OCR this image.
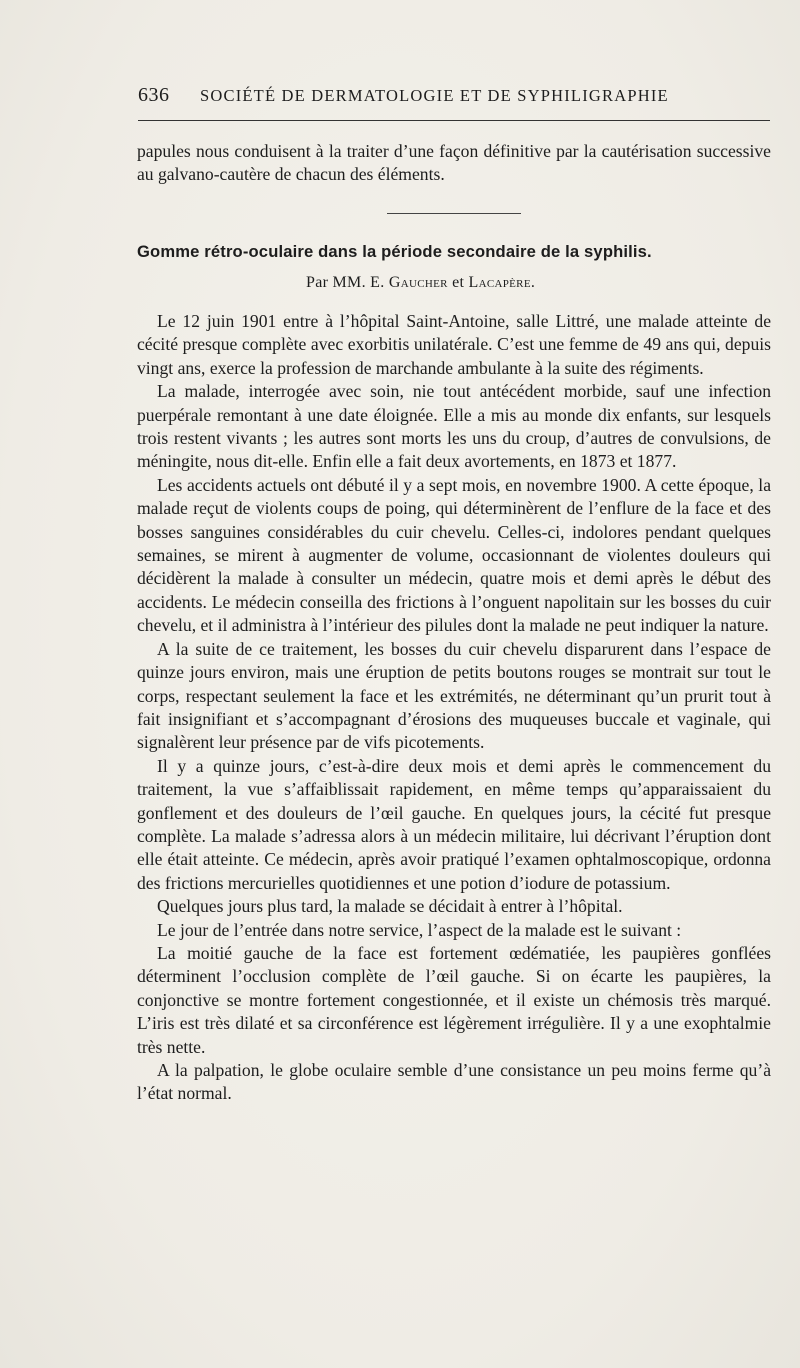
636 SOCIÉTÉ DE DERMATOLOGIE ET DE SYPHILIGRAPHIE

papules nous conduisent à la traiter d’une façon définitive par la cautérisation successive au galvano-cautère de chacun des éléments.

Gomme rétro-oculaire dans la période secondaire de la syphilis.
Par MM. E. Gaucher et Lacapère.

Le 12 juin 1901 entre à l’hôpital Saint-Antoine, salle Littré, une malade atteinte de cécité presque complète avec exorbitis unilatérale. C’est une femme de 49 ans qui, depuis vingt ans, exerce la profession de marchande ambulante à la suite des régiments.

La malade, interrogée avec soin, nie tout antécédent morbide, sauf une infection puerpérale remontant à une date éloignée. Elle a mis au monde dix enfants, sur lesquels trois restent vivants ; les autres sont morts les uns du croup, d’autres de convulsions, de méningite, nous dit-elle. Enfin elle a fait deux avortements, en 1873 et 1877.

Les accidents actuels ont débuté il y a sept mois, en novembre 1900. A cette époque, la malade reçut de violents coups de poing, qui déterminèrent de l’enflure de la face et des bosses sanguines considérables du cuir chevelu. Celles-ci, indolores pendant quelques semaines, se mirent à augmenter de volume, occasionnant de violentes douleurs qui décidèrent la malade à consulter un médecin, quatre mois et demi après le début des accidents. Le médecin conseilla des frictions à l’onguent napolitain sur les bosses du cuir chevelu, et il administra à l’intérieur des pilules dont la malade ne peut indiquer la nature.

A la suite de ce traitement, les bosses du cuir chevelu disparurent dans l’espace de quinze jours environ, mais une éruption de petits boutons rouges se montrait sur tout le corps, respectant seulement la face et les extrémités, ne déterminant qu’un prurit tout à fait insignifiant et s’accompagnant d’érosions des muqueuses buccale et vaginale, qui signalèrent leur présence par de vifs picotements.

Il y a quinze jours, c’est-à-dire deux mois et demi après le commencement du traitement, la vue s’affaiblissait rapidement, en même temps qu’apparaissaient du gonflement et des douleurs de l’œil gauche. En quelques jours, la cécité fut presque complète. La malade s’adressa alors à un médecin militaire, lui décrivant l’éruption dont elle était atteinte. Ce médecin, après avoir pratiqué l’examen ophtalmoscopique, ordonna des frictions mercurielles quotidiennes et une potion d’iodure de potassium.

Quelques jours plus tard, la malade se décidait à entrer à l’hôpital.

Le jour de l’entrée dans notre service, l’aspect de la malade est le suivant :

La moitié gauche de la face est fortement œdématiée, les paupières gonflées déterminent l’occlusion complète de l’œil gauche. Si on écarte les paupières, la conjonctive se montre fortement congestionnée, et il existe un chémosis très marqué. L’iris est très dilaté et sa circonférence est légèrement irrégulière. Il y a une exophtalmie très nette.

A la palpation, le globe oculaire semble d’une consistance un peu moins ferme qu’à l’état normal.
